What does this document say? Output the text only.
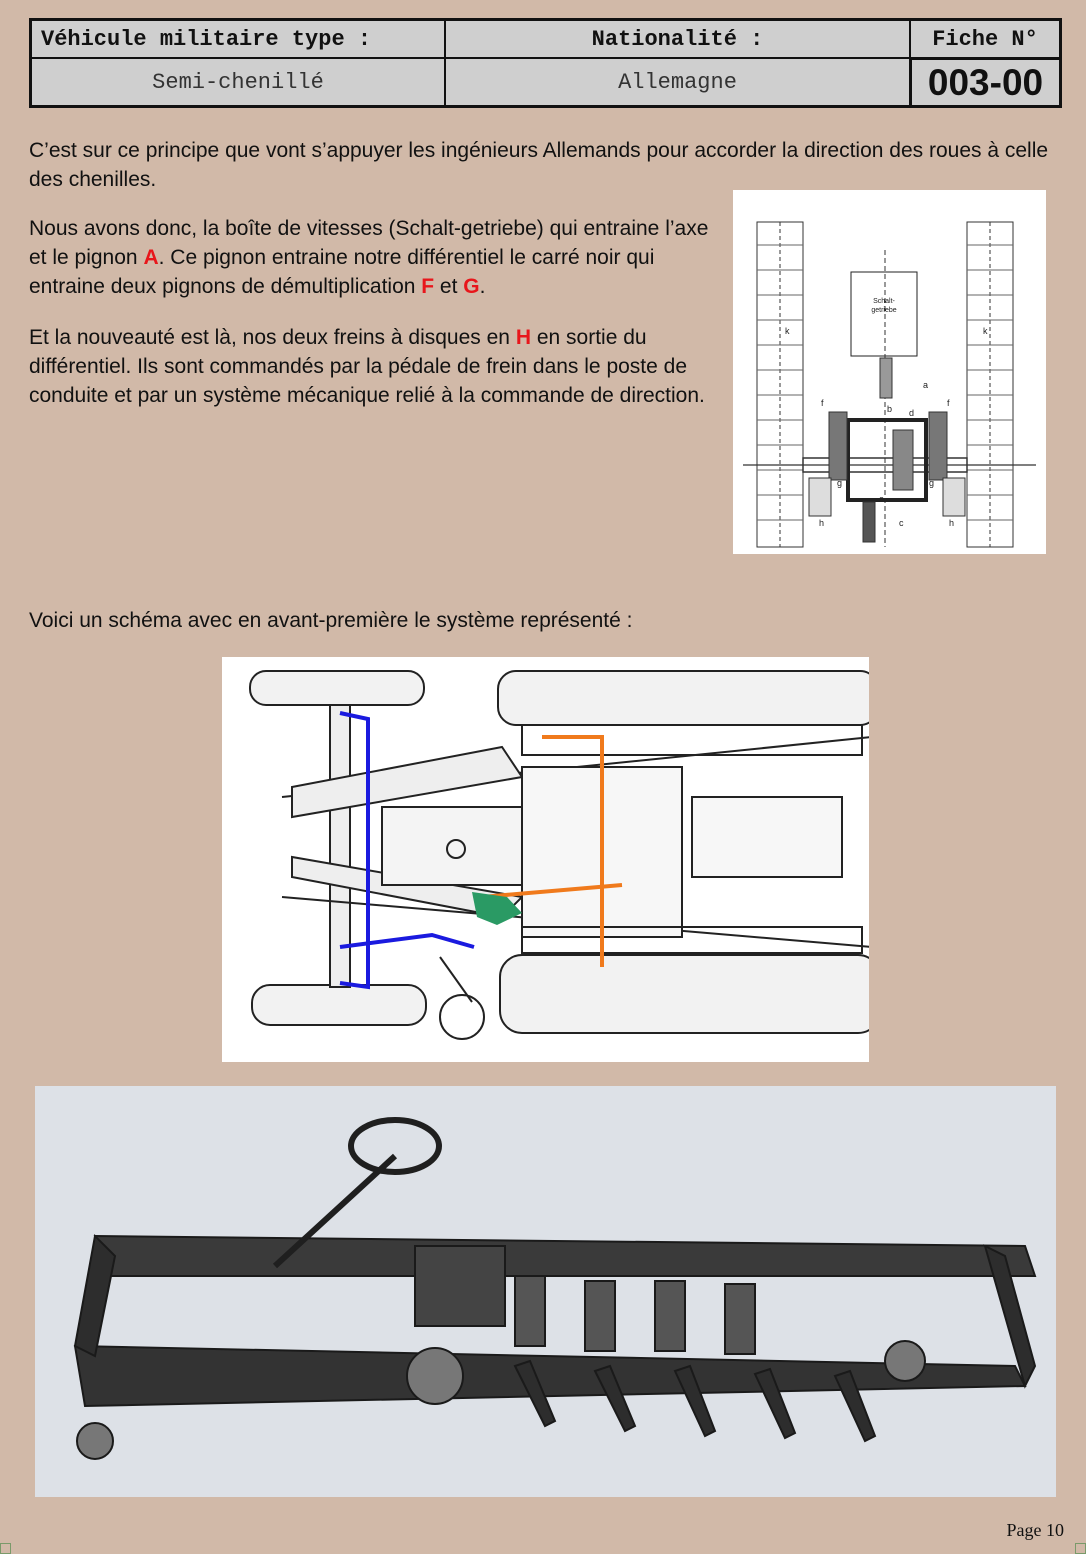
Véhicule militaire type :	Nationalité :	Fiche N°
Semi-chenillé	Allemagne	003-00

C’est sur ce principe que vont s’appuyer les ingénieurs Allemands pour accorder la direction des roues à celle des chenilles.

Nous avons donc, la boîte de vitesses (Schalt-getriebe) qui entraine l’axe et le pignon A. Ce pignon entraine notre différentiel le carré noir qui entraine deux pignons de démultiplication F et G.

Et la nouveauté est là, nos deux freins à disques en H en sortie du différentiel. Ils sont commandés par la pédale de frein dans le poste de conduite et par un système mécanique relié à la commande de direction.

Voici un schéma avec en avant-première le système représenté :

Schalt-
getriebe
a
b
c
d
e
f	f
g	g
h	h
k	k
Page 10
